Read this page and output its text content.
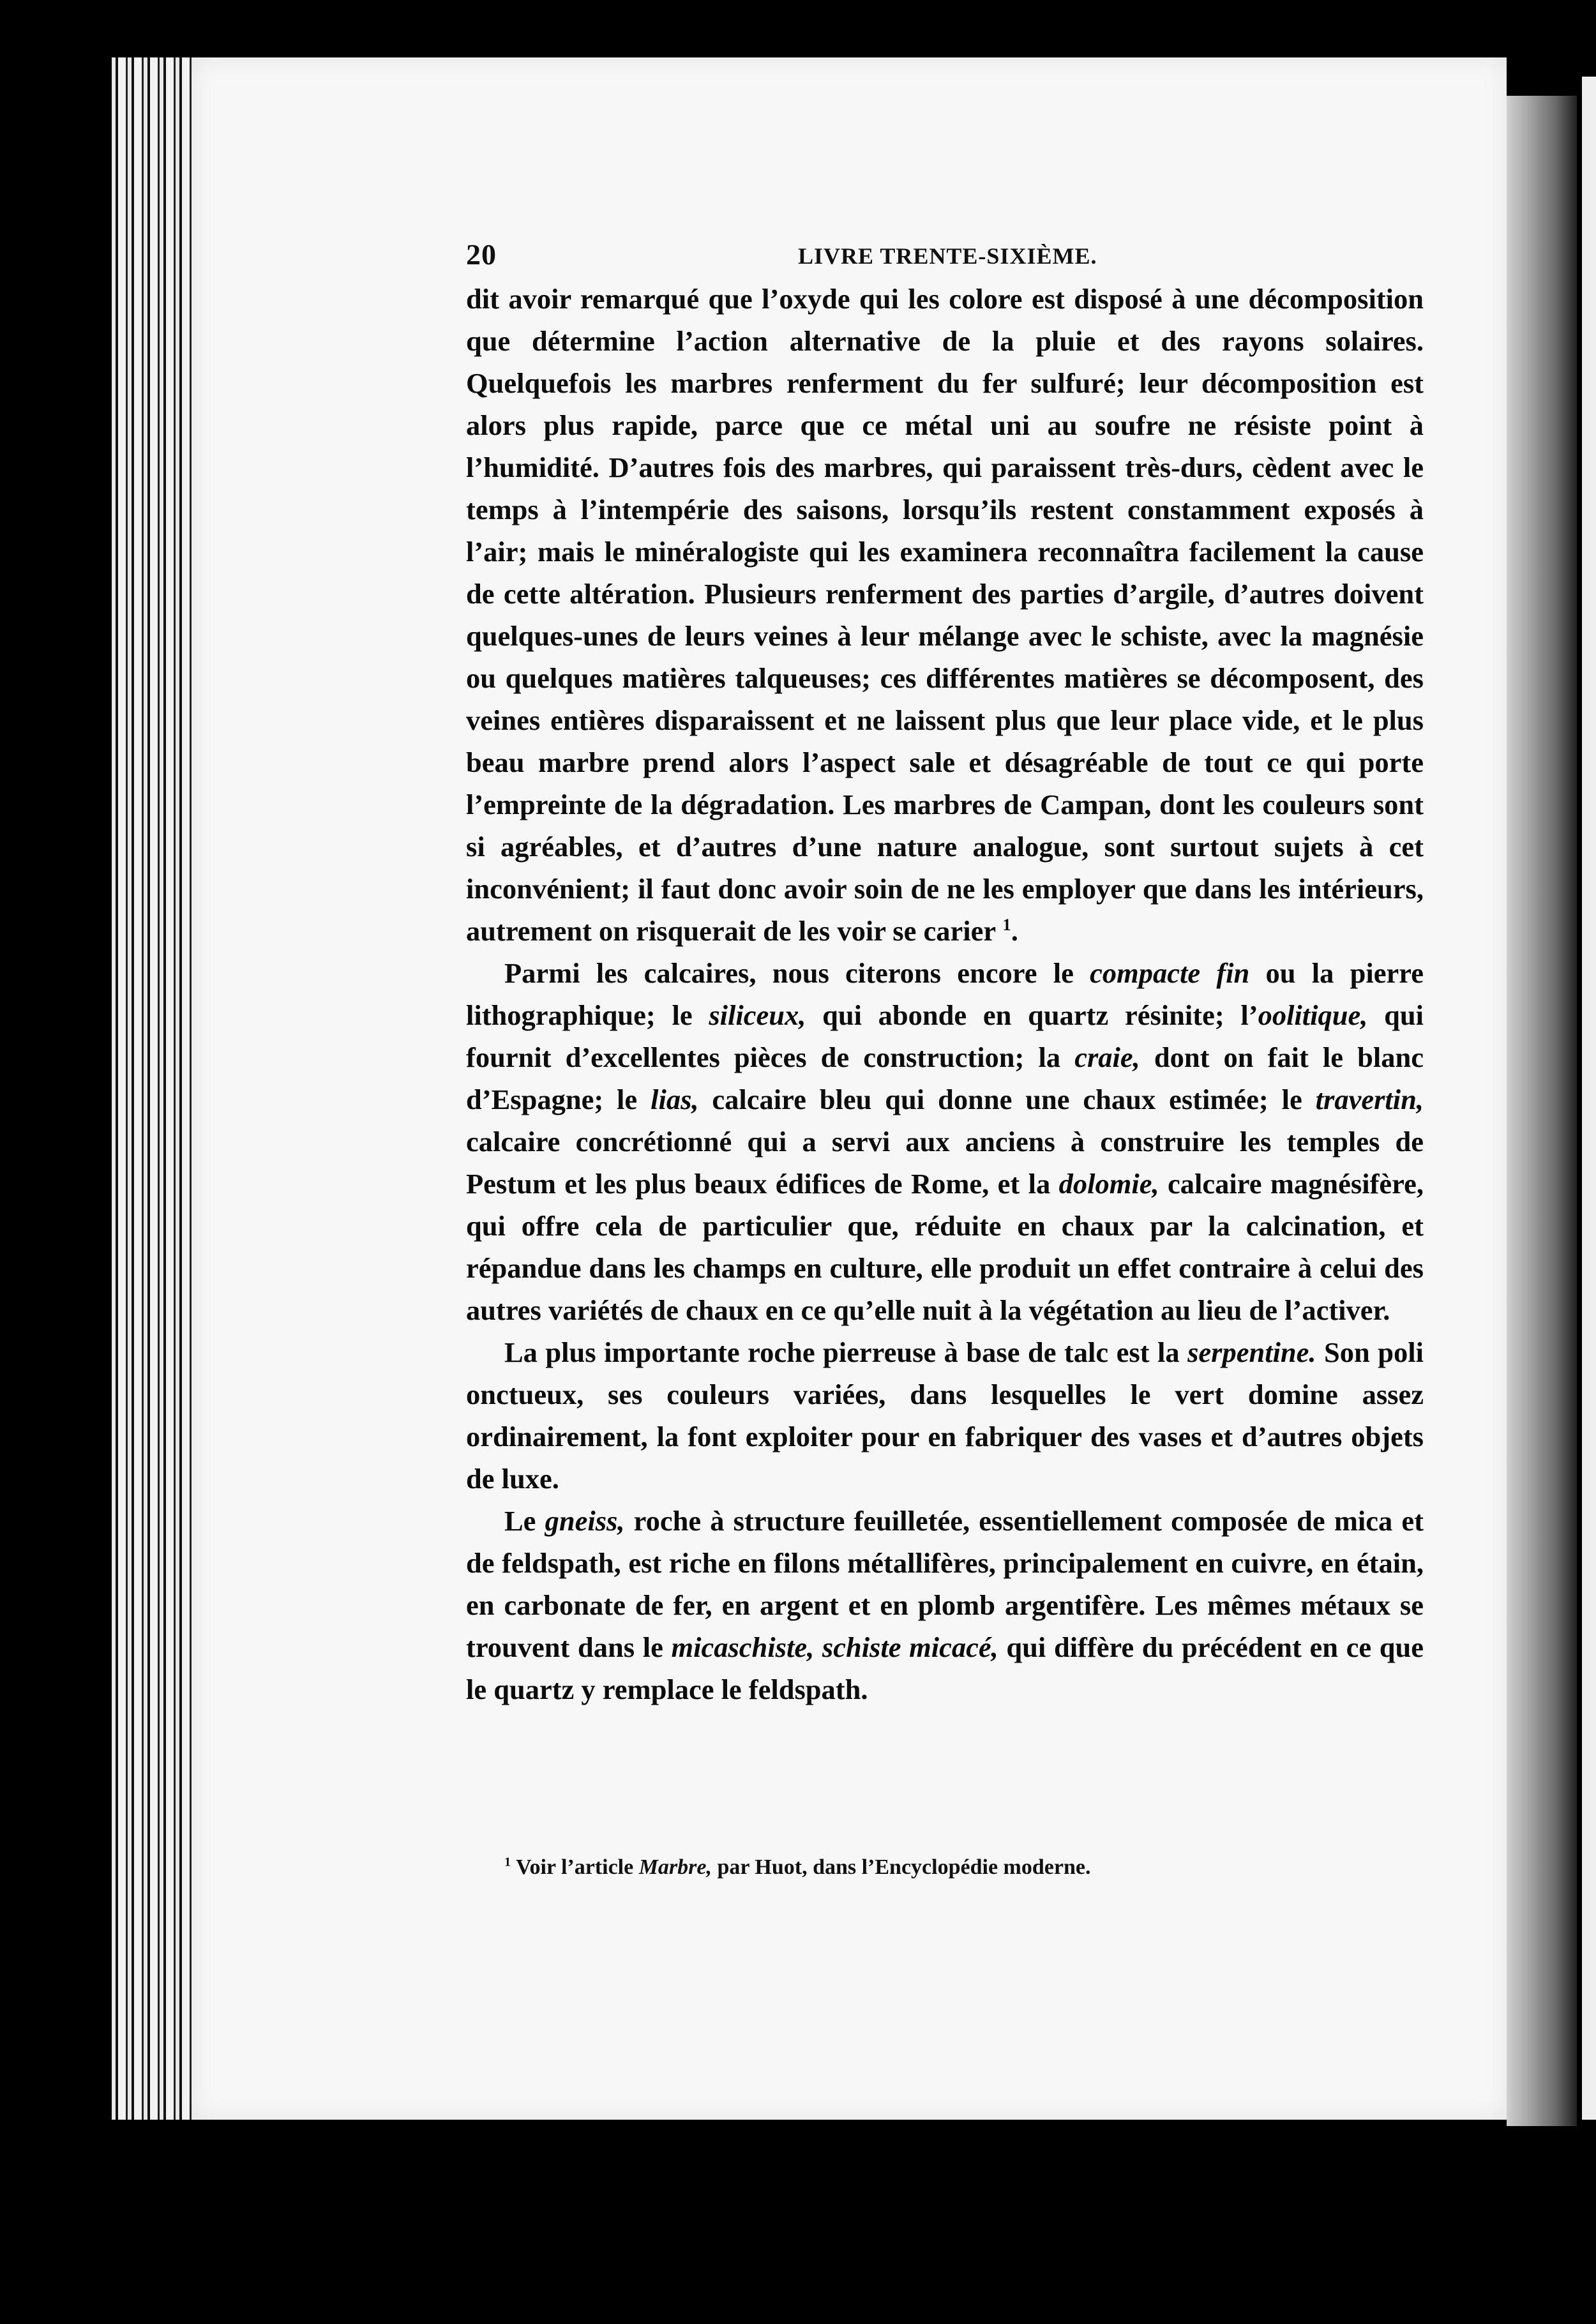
20	LIVRE TRENTE-SIXIÈME.

dit avoir remarqué que l’oxyde qui les colore est disposé à une décomposition que détermine l’action alternative de la pluie et des rayons solaires. Quelquefois les marbres renferment du fer sulfuré; leur décomposition est alors plus rapide, parce que ce métal uni au soufre ne résiste point à l’humidité. D’autres fois des marbres, qui paraissent très-durs, cèdent avec le temps à l’intempérie des saisons, lorsqu’ils restent constamment exposés à l’air; mais le minéralogiste qui les examinera reconnaîtra facilement la cause de cette altération. Plusieurs renferment des parties d’argile, d’autres doivent quelques-unes de leurs veines à leur mélange avec le schiste, avec la magnésie ou quelques matières talqueuses; ces différentes matières se décomposent, des veines entières disparaissent et ne laissent plus que leur place vide, et le plus beau marbre prend alors l’aspect sale et désagréable de tout ce qui porte l’empreinte de la dégradation. Les marbres de Campan, dont les couleurs sont si agréables, et d’autres d’une nature analogue, sont surtout sujets à cet inconvénient; il faut donc avoir soin de ne les employer que dans les intérieurs, autrement on risquerait de les voir se carier $^1$.

Parmi les calcaires, nous citerons encore le compacte fin ou la pierre lithographique; le siliceux, qui abonde en quartz résinite; l’oolitique, qui fournit d’excellentes pièces de construction; la craie, dont on fait le blanc d’Espagne; le lias, calcaire bleu qui donne une chaux estimée; le travertin, calcaire concrétionné qui a servi aux anciens à construire les temples de Pestum et les plus beaux édifices de Rome, et la dolomie, calcaire magnésifère, qui offre cela de particulier que, réduite en chaux par la calcination, et répandue dans les champs en culture, elle produit un effet contraire à celui des autres variétés de chaux en ce qu’elle nuit à la végétation au lieu de l’activer.

La plus importante roche pierreuse à base de talc est la serpentine. Son poli onctueux, ses couleurs variées, dans lesquelles le vert domine assez ordinairement, la font exploiter pour en fabriquer des vases et d’autres objets de luxe.

Le gneiss, roche à structure feuilletée, essentiellement composée de mica et de feldspath, est riche en filons métallifères, principalement en cuivre, en étain, en carbonate de fer, en argent et en plomb argentifère. Les mêmes métaux se trouvent dans le micaschiste, schiste micacé, qui diffère du précédent en ce que le quartz y remplace le feldspath.

$^1$ Voir l’article Marbre, par Huot, dans l’Encyclopédie moderne.
